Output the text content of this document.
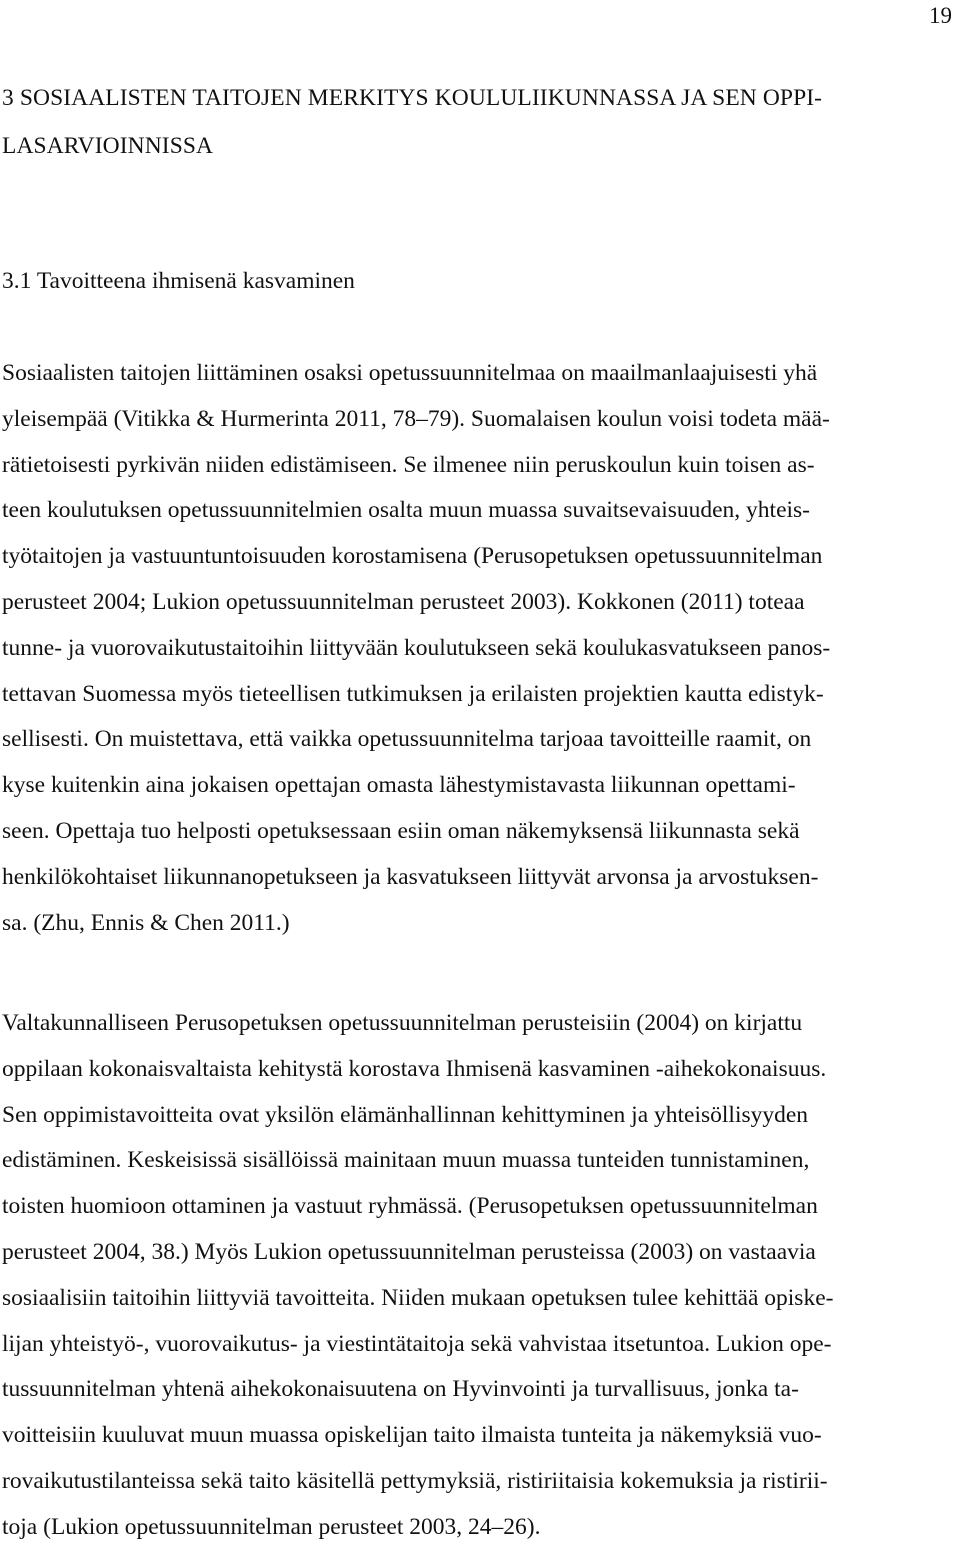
19
3 SOSIAALISTEN TAITOJEN MERKITYS KOULULIIKUNNASSA JA SEN OPPI-
LASARVIOINNISSA
3.1 Tavoitteena ihmisenä kasvaminen
Sosiaalisten taitojen liittäminen osaksi opetussuunnitelmaa on maailmanlaajuisesti yhä
yleisempää (Vitikka & Hurmerinta 2011, 78–79). Suomalaisen koulun voisi todeta mää-
rätietoisesti pyrkivän niiden edistämiseen. Se ilmenee niin peruskoulun kuin toisen as-
teen koulutuksen opetussuunnitelmien osalta muun muassa suvaitsevaisuuden, yhteis-
työtaitojen ja vastuuntuntoisuuden korostamisena (Perusopetuksen opetussuunnitelman
perusteet 2004; Lukion opetussuunnitelman perusteet 2003). Kokkonen (2011) toteaa
tunne- ja vuorovaikutustaitoihin liittyvään koulutukseen sekä koulukasvatukseen panos-
tettavan Suomessa myös tieteellisen tutkimuksen ja erilaisten projektien kautta edistyk-
sellisesti. On muistettava, että vaikka opetussuunnitelma tarjoaa tavoitteille raamit, on
kyse kuitenkin aina jokaisen opettajan omasta lähestymistavasta liikunnan opettami-
seen. Opettaja tuo helposti opetuksessaan esiin oman näkemyksensä liikunnasta sekä
henkilökohtaiset liikunnanopetukseen ja kasvatukseen liittyvät arvonsa ja arvostuksen-
sa. (Zhu, Ennis & Chen 2011.)
Valtakunnalliseen Perusopetuksen opetussuunnitelman perusteisiin (2004) on kirjattu
oppilaan kokonaisvaltaista kehitystä korostava Ihmisenä kasvaminen -aihekokonaisuus.
Sen oppimistavoitteita ovat yksilön elämänhallinnan kehittyminen ja yhteisöllisyyden
edistäminen. Keskeisissä sisällöissä mainitaan muun muassa tunteiden tunnistaminen,
toisten huomioon ottaminen ja vastuut ryhmässä. (Perusopetuksen opetussuunnitelman
perusteet 2004, 38.) Myös Lukion opetussuunnitelman perusteissa (2003) on vastaavia
sosiaalisiin taitoihin liittyviä tavoitteita. Niiden mukaan opetuksen tulee kehittää opiske-
lijan yhteistyö-, vuorovaikutus- ja viestintätaitoja sekä vahvistaa itsetuntoa. Lukion ope-
tussuunnitelman yhtenä aihekokonaisuutena on Hyvinvointi ja turvallisuus, jonka ta-
voitteisiin kuuluvat muun muassa opiskelijan taito ilmaista tunteita ja näkemyksiä vuo-
rovaikutustilanteissa sekä taito käsitellä pettymyksiä, ristiriitaisia kokemuksia ja ristirii-
toja (Lukion opetussuunnitelman perusteet 2003, 24–26).
